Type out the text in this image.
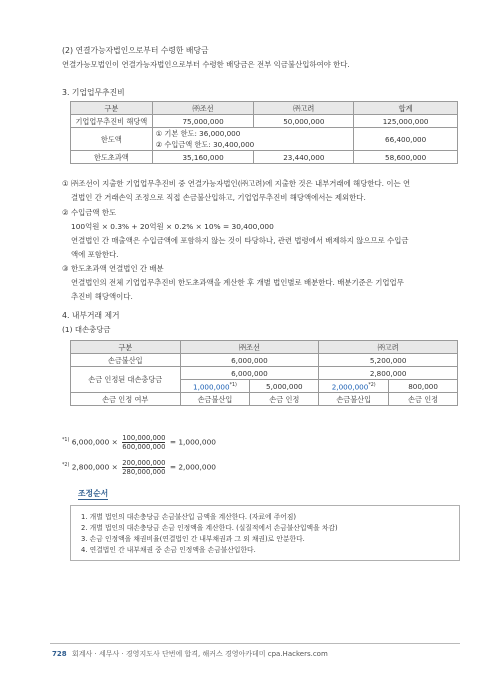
(2) 연결가능자법인으로부터 수령한 배당금
연결가능모법인이 연결가능자법인으로부터 수령한 배당금은 전부 익금불산입하여야 한다.
3. 기업업무추진비
구분	㈜조선	㈜고려	합계
기업업무추진비 해당액	75,000,000	50,000,000	125,000,000
한도액	① 기본 한도: 36,000,000
② 수입금액 한도: 30,400,000		66,400,000
한도초과액	35,160,000	23,440,000	58,600,000
① ㈜조선이 지출한 기업업무추진비 중 연결가능자법인(㈜고려)에 지출한 것은 내부거래에 해당한다. 이는 연
결법인 간 거래손익 조정으로 직접 손금불산입하고, 기업업무추진비 해당액에서는 제외한다.
② 수입금액 한도
100억원 × 0.3% + 20억원 × 0.2% × 10% = 30,400,000
연결법인 간 매출액은 수입금액에 포함하지 않는 것이 타당하나, 관련 법령에서 배제하지 않으므로 수입금
액에 포함한다.
③ 한도초과액 연결법인 간 배분
연결법인의 전체 기업업무추진비 한도초과액을 계산한 후 개별 법인별로 배분한다. 배분기준은 기업업무
추진비 해당액이다.
4. 내부거래 제거
(1) 대손충당금
구분	㈜조선		㈜고려	
손금불산입	6,000,000		5,200,000	
손금 인정된 대손충당금	6,000,000		2,800,000	
	1,000,000$^{*1)}$	5,000,000	2,000,000$^{*2)}$	800,000
손금 인정 여부	손금불산입	손금 인정	손금불산입	손금 인정
$^{*1)}$ $6,000,000 \times \frac{100,000,000}{600,000,000} = 1,000,000$
$^{*2)}$ $2,800,000 \times \frac{200,000,000}{280,000,000} = 2,000,000$
조정순서
1. 개별 법인의 대손충당금 손금불산입 금액을 계산한다. (자료에 주어짐)
2. 개별 법인의 대손충당금 손금 인정액을 계산한다. (실질적에서 손금불산입액을 차감)
3. 손금 인정액을 채권비율(연결법인 간 내부채권과 그 외 채권)로 안분한다.
4. 연결법인 간 내부채권 중 손금 인정액을 손금불산입한다.
728 회계사 · 세무사 · 경영지도사 단번에 합격, 해커스 경영아카데미 cpa.Hackers.com
